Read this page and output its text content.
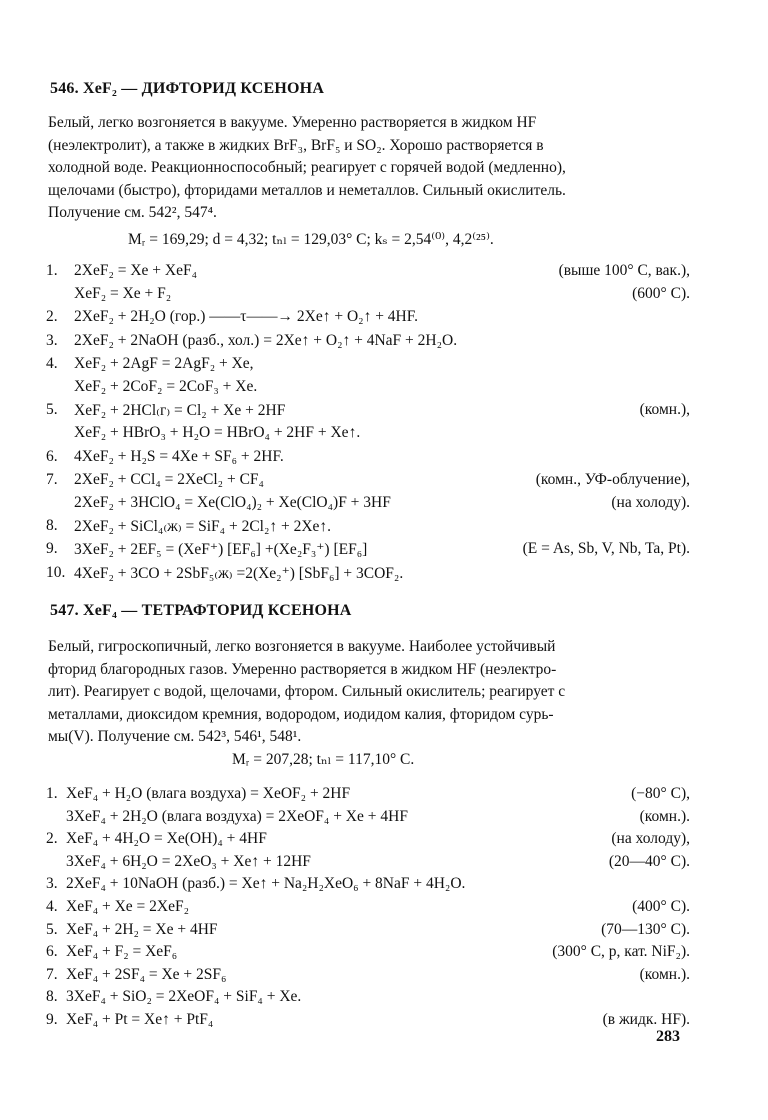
546. XeF₂ — ДИФТОРИД КСЕНОНА
Белый, легко возгоняется в вакууме. Умеренно растворяется в жидком HF
(неэлектролит), а также в жидких BrF₃, BrF₅ и SO₂. Хорошо растворяется в
холодной воде. Реакционноспособный; реагирует с горячей водой (медленно),
щелочами (быстро), фторидами металлов и неметаллов. Сильный окислитель.
Получение см. 542², 547⁴.
Mᵣ = 169,29; d = 4,32; tₙₗ = 129,03° C; kₛ = 2,54⁽⁰⁾, 4,2⁽²⁵⁾.
1. 2XeF₂ = Xe + XeF₄	(выше 100° C, вак.),
XeF₂ = Xe + F₂	(600° C).
2. 2XeF₂ + 2H₂O (гор.) ——τ——→ 2Xe↑ + O₂↑ + 4HF.
3. 2XeF₂ + 2NaOH (разб., хол.) = 2Xe↑ + O₂↑ + 4NaF + 2H₂O.
4. XeF₂ + 2AgF = 2AgF₂ + Xe,
XeF₂ + 2CoF₂ = 2CoF₃ + Xe.
5. XeF₂ + 2HCl₍г₎ = Cl₂ + Xe + 2HF	(комн.),
XeF₂ + HBrO₃ + H₂O = HBrO₄ + 2HF + Xe↑.
6. 4XeF₂ + H₂S = 4Xe + SF₆ + 2HF.
7. 2XeF₂ + CCl₄ = 2XeCl₂ + CF₄	(комн., УФ-облучение),
2XeF₂ + 3HClO₄ = Xe(ClO₄)₂ + Xe(ClO₄)F + 3HF	(на холоду).
8. 2XeF₂ + SiCl₄₍ж₎ = SiF₄ + 2Cl₂↑ + 2Xe↑.
9. 3XeF₂ + 2EF₅ = (XeF⁺) [EF₆] +(Xe₂F₃⁺) [EF₆]	(E = As, Sb, V, Nb, Ta, Pt).
10. 4XeF₂ + 3CO + 2SbF₅₍ж₎ =2(Xe₂⁺) [SbF₆] + 3COF₂.
547. XeF₄ — ТЕТРАФТОРИД КСЕНОНА
Белый, гигроскопичный, легко возгоняется в вакууме. Наиболее устойчивый
фторид благородных газов. Умеренно растворяется в жидком HF (неэлектро-
лит). Реагирует с водой, щелочами, фтором. Сильный окислитель; реагирует с
металлами, диоксидом кремния, водородом, иодидом калия, фторидом сурь-
мы(V). Получение см. 542³, 546¹, 548¹.
Mᵣ = 207,28; tₙₗ = 117,10° C.
1. XeF₄ + H₂O (влага воздуха) = XeOF₂ + 2HF	(−80° C),
3XeF₄ + 2H₂O (влага воздуха) = 2XeOF₄ + Xe + 4HF	(комн.).
2. XeF₄ + 4H₂O = Xe(OH)₄ + 4HF	(на холоду),
3XeF₄ + 6H₂O = 2XeO₃ + Xe↑ + 12HF	(20—40° C).
3. 2XeF₄ + 10NaOH (разб.) = Xe↑ + Na₂H₂XeO₆ + 8NaF + 4H₂O.
4. XeF₄ + Xe = 2XeF₂	(400° C).
5. XeF₄ + 2H₂ = Xe + 4HF	(70—130° C).
6. XeF₄ + F₂ = XeF₆	(300° C, p, кат. NiF₂).
7. XeF₄ + 2SF₄ = Xe + 2SF₆	(комн.).
8. 3XeF₄ + SiO₂ = 2XeOF₄ + SiF₄ + Xe.
9. XeF₄ + Pt = Xe↑ + PtF₄	(в жидк. HF).
283
